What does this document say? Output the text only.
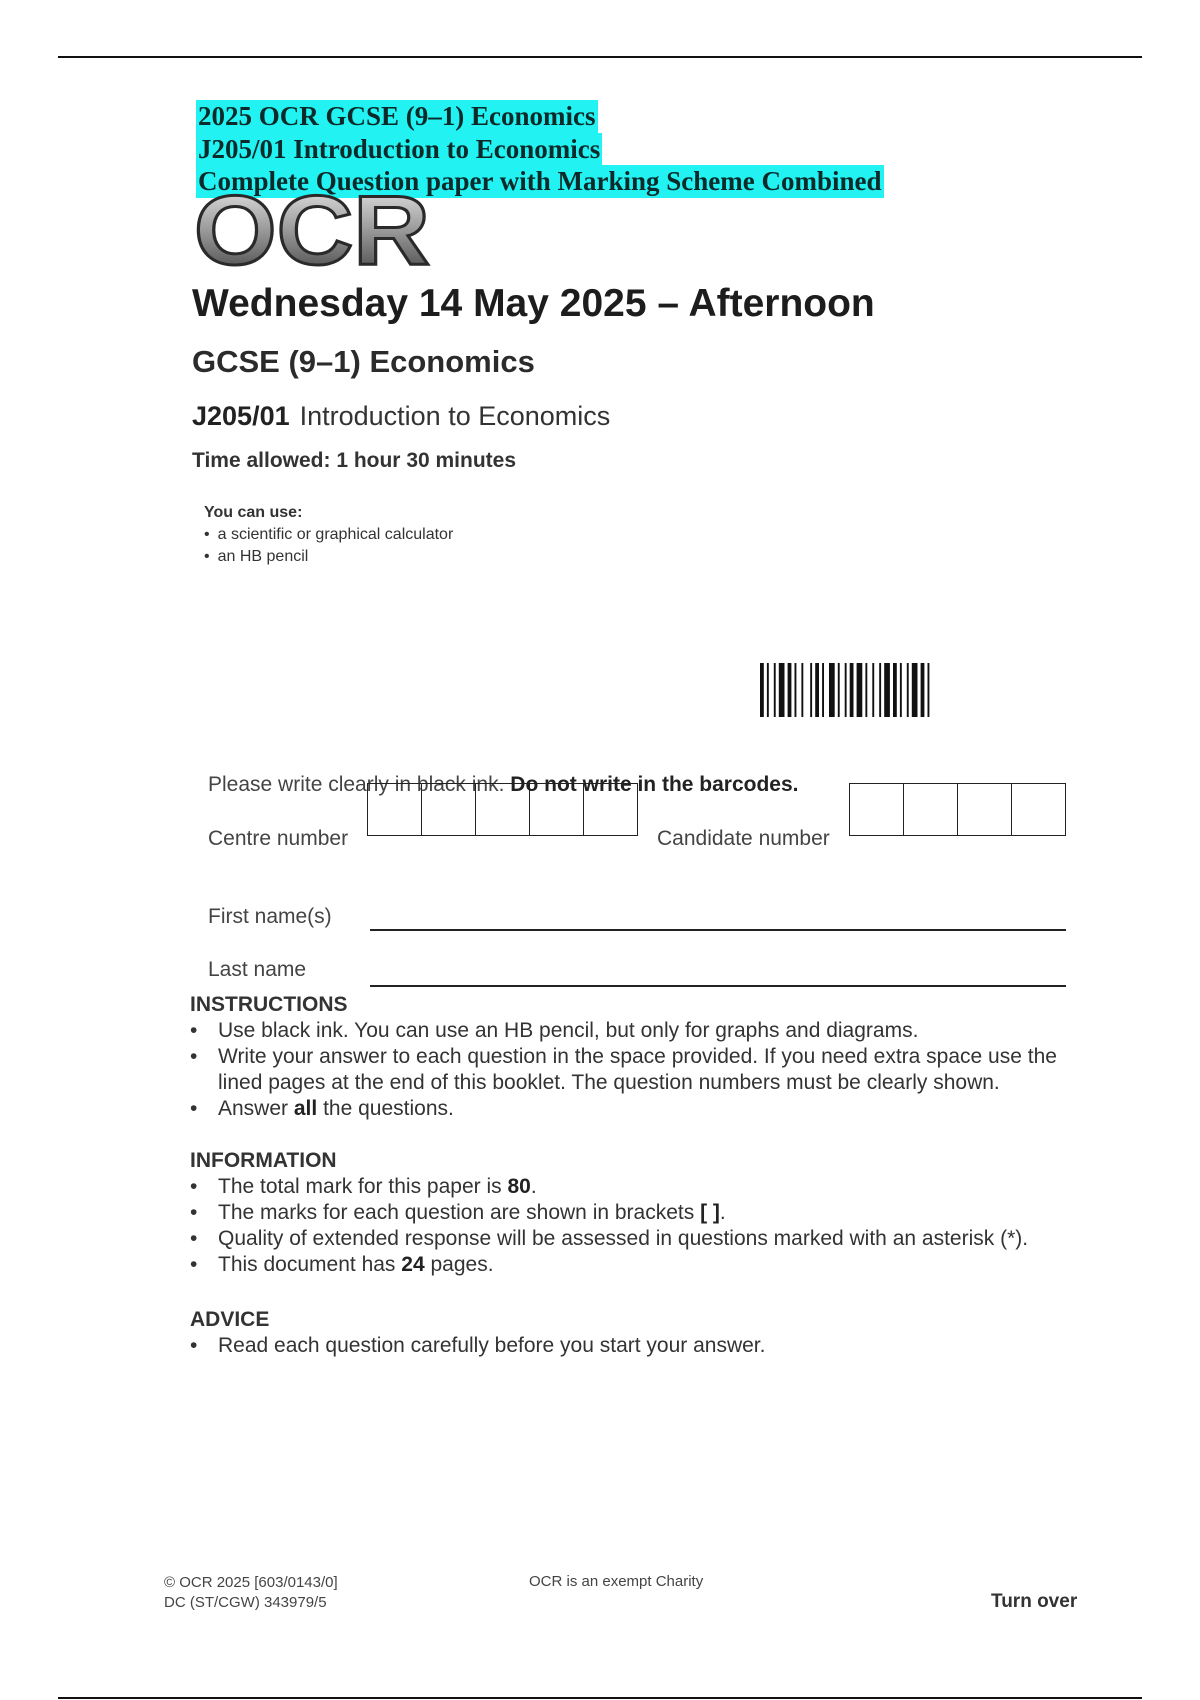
2025 OCR GCSE (9–1) Economics
J205/01 Introduction to Economics
Complete Question paper with Marking Scheme Combined
OCR
Wednesday 14 May 2025 – Afternoon
GCSE (9–1) Economics
J205/01 Introduction to Economics
Time allowed: 1 hour 30 minutes
You can use:
• a scientific or graphical calculator
• an HB pencil
Please write clearly in black ink. Do not write in the barcodes.
Centre number	Candidate number
First name(s)
Last name
INSTRUCTIONS
• Use black ink. You can use an HB pencil, but only for graphs and diagrams.
• Write your answer to each question in the space provided. If you need extra space use the lined pages at the end of this booklet. The question numbers must be clearly shown.
• Answer all the questions.
INFORMATION
• The total mark for this paper is 80.
• The marks for each question are shown in brackets [ ].
• Quality of extended response will be assessed in questions marked with an asterisk (*).
• This document has 24 pages.
ADVICE
• Read each question carefully before you start your answer.
© OCR 2025 [603/0143/0]
DC (ST/CGW) 343979/5
OCR is an exempt Charity
Turn over
